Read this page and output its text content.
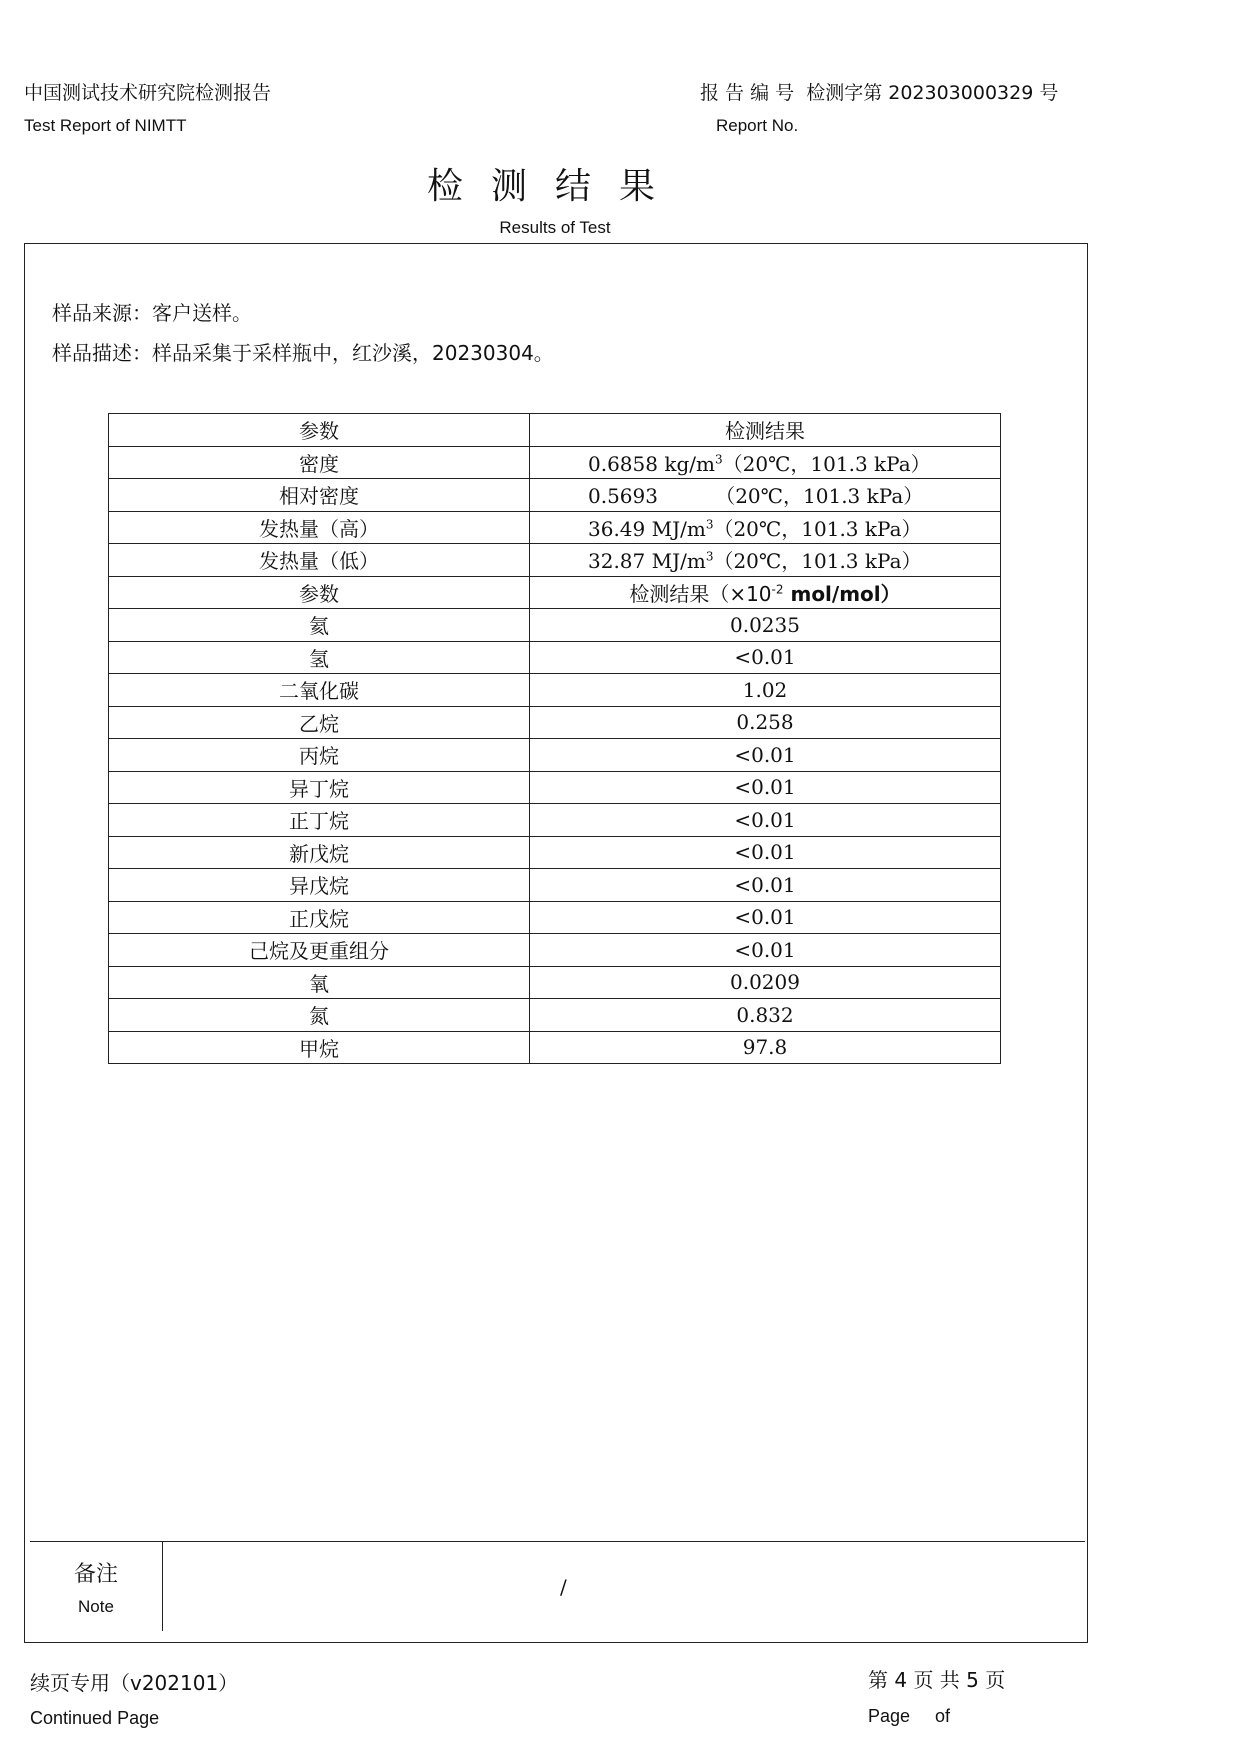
中国测试技术研究院检测报告
Test Report of NIMTT
报 告 编 号  检测字第 202303000329 号
Report No.
检测结果
Results of Test
样品来源：客户送样。
样品描述：样品采集于采样瓶中，红沙溪，20230304。
参数	检测结果
密度	0.6858 $kg/m^3(20℃$，101.3 kPa）
相对密度	0.5693         （20℃，101.3 kPa）
发热量（高）	36.49 $MJ/m^3(20℃$，101.3 kPa）
发热量（低）	32.87 $MJ/m^3(20℃$，101.3 kPa）
参数	检测结果（$\times 10^{-2}$ mol/mol）
氦	0.0235
氢	<0.01
二氧化碳	1.02
乙烷	0.258
丙烷	<0.01
异丁烷	<0.01
正丁烷	<0.01
新戊烷	<0.01
异戊烷	<0.01
正戊烷	<0.01
己烷及更重组分	<0.01
氧	0.0209
氮	0.832
甲烷	97.8
备注
Note
/
续页专用（v202101）
Continued Page
第 4 页 共 5 页
Page     of
